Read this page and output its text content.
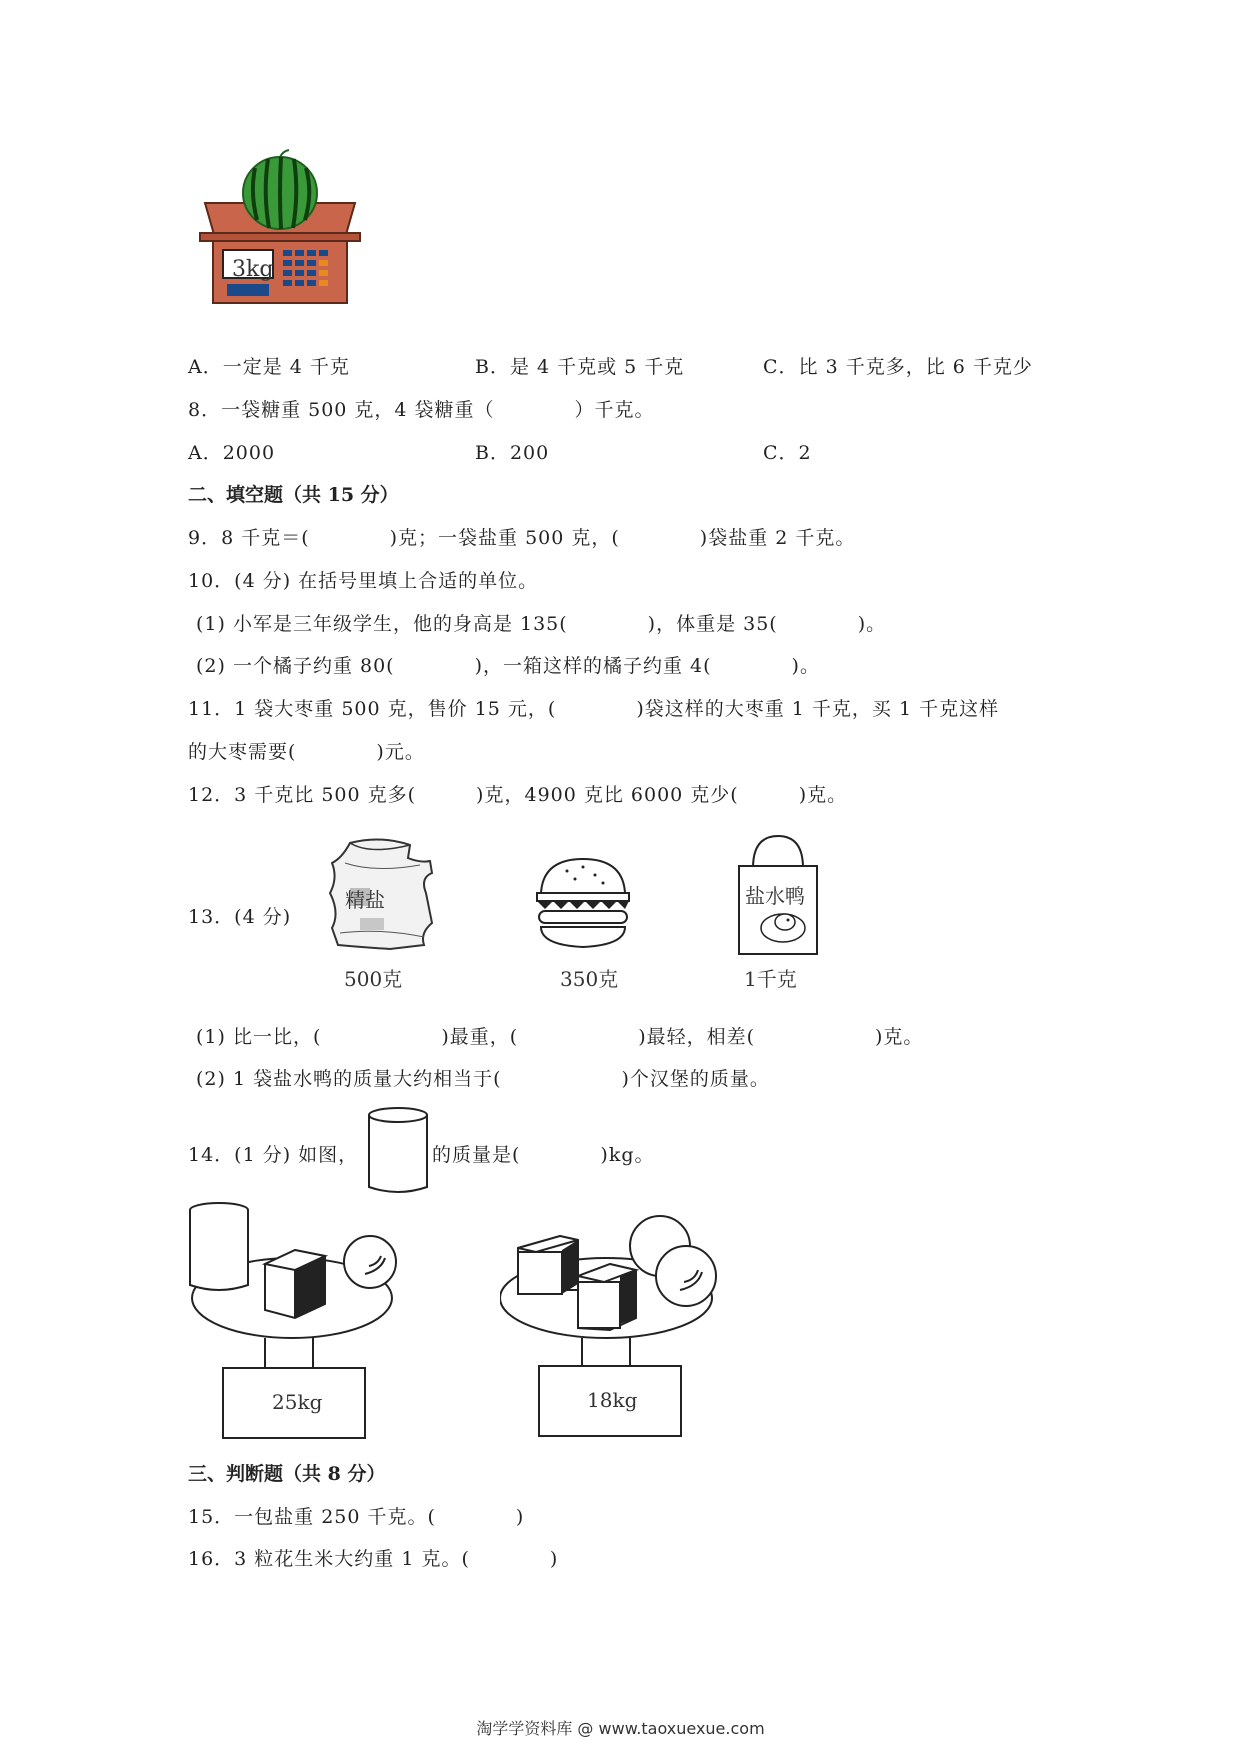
3kg
A．一定是 4 千克	B．是 4 千克或 5 千克	C．比 3 千克多，比 6 千克少
8．一袋糖重 500 克，4 袋糖重（　　　　）千克。
A．2000	B．200	C．2
二、填空题（共 15 分）
9．8 千克＝(　　　　)克；一袋盐重 500 克，(　　　　)袋盐重 2 千克。
10．(4 分) 在括号里填上合适的单位。
(1) 小军是三年级学生，他的身高是 135(　　　　)，体重是 35(　　　　)。
(2) 一个橘子约重 80(　　　　)，一箱这样的橘子约重 4(　　　　)。
11．1 袋大枣重 500 克，售价 15 元，(　　　　)袋这样的大枣重 1 千克，买 1 千克这样
的大枣需要(　　　　)元。
12．3 千克比 500 克多(　　　)克，4900 克比 6000 克少(　　　)克。
13．(4 分)
精盐
500克	350克
盐水鸭
1千克
(1) 比一比，(　　　　　　)最重，(　　　　　　)最轻，相差(　　　　　　)克。
(2) 1 袋盐水鸭的质量大约相当于(　　　　　　)个汉堡的质量。
14．(1 分) 如图，	的质量是(　　　　)kg。
25kg	18kg
三、判断题（共 8 分）
15．一包盐重 250 千克。(　　　　)
16．3 粒花生米大约重 1 克。(　　　　)
淘学学资料库 @ www.taoxuexue.com
